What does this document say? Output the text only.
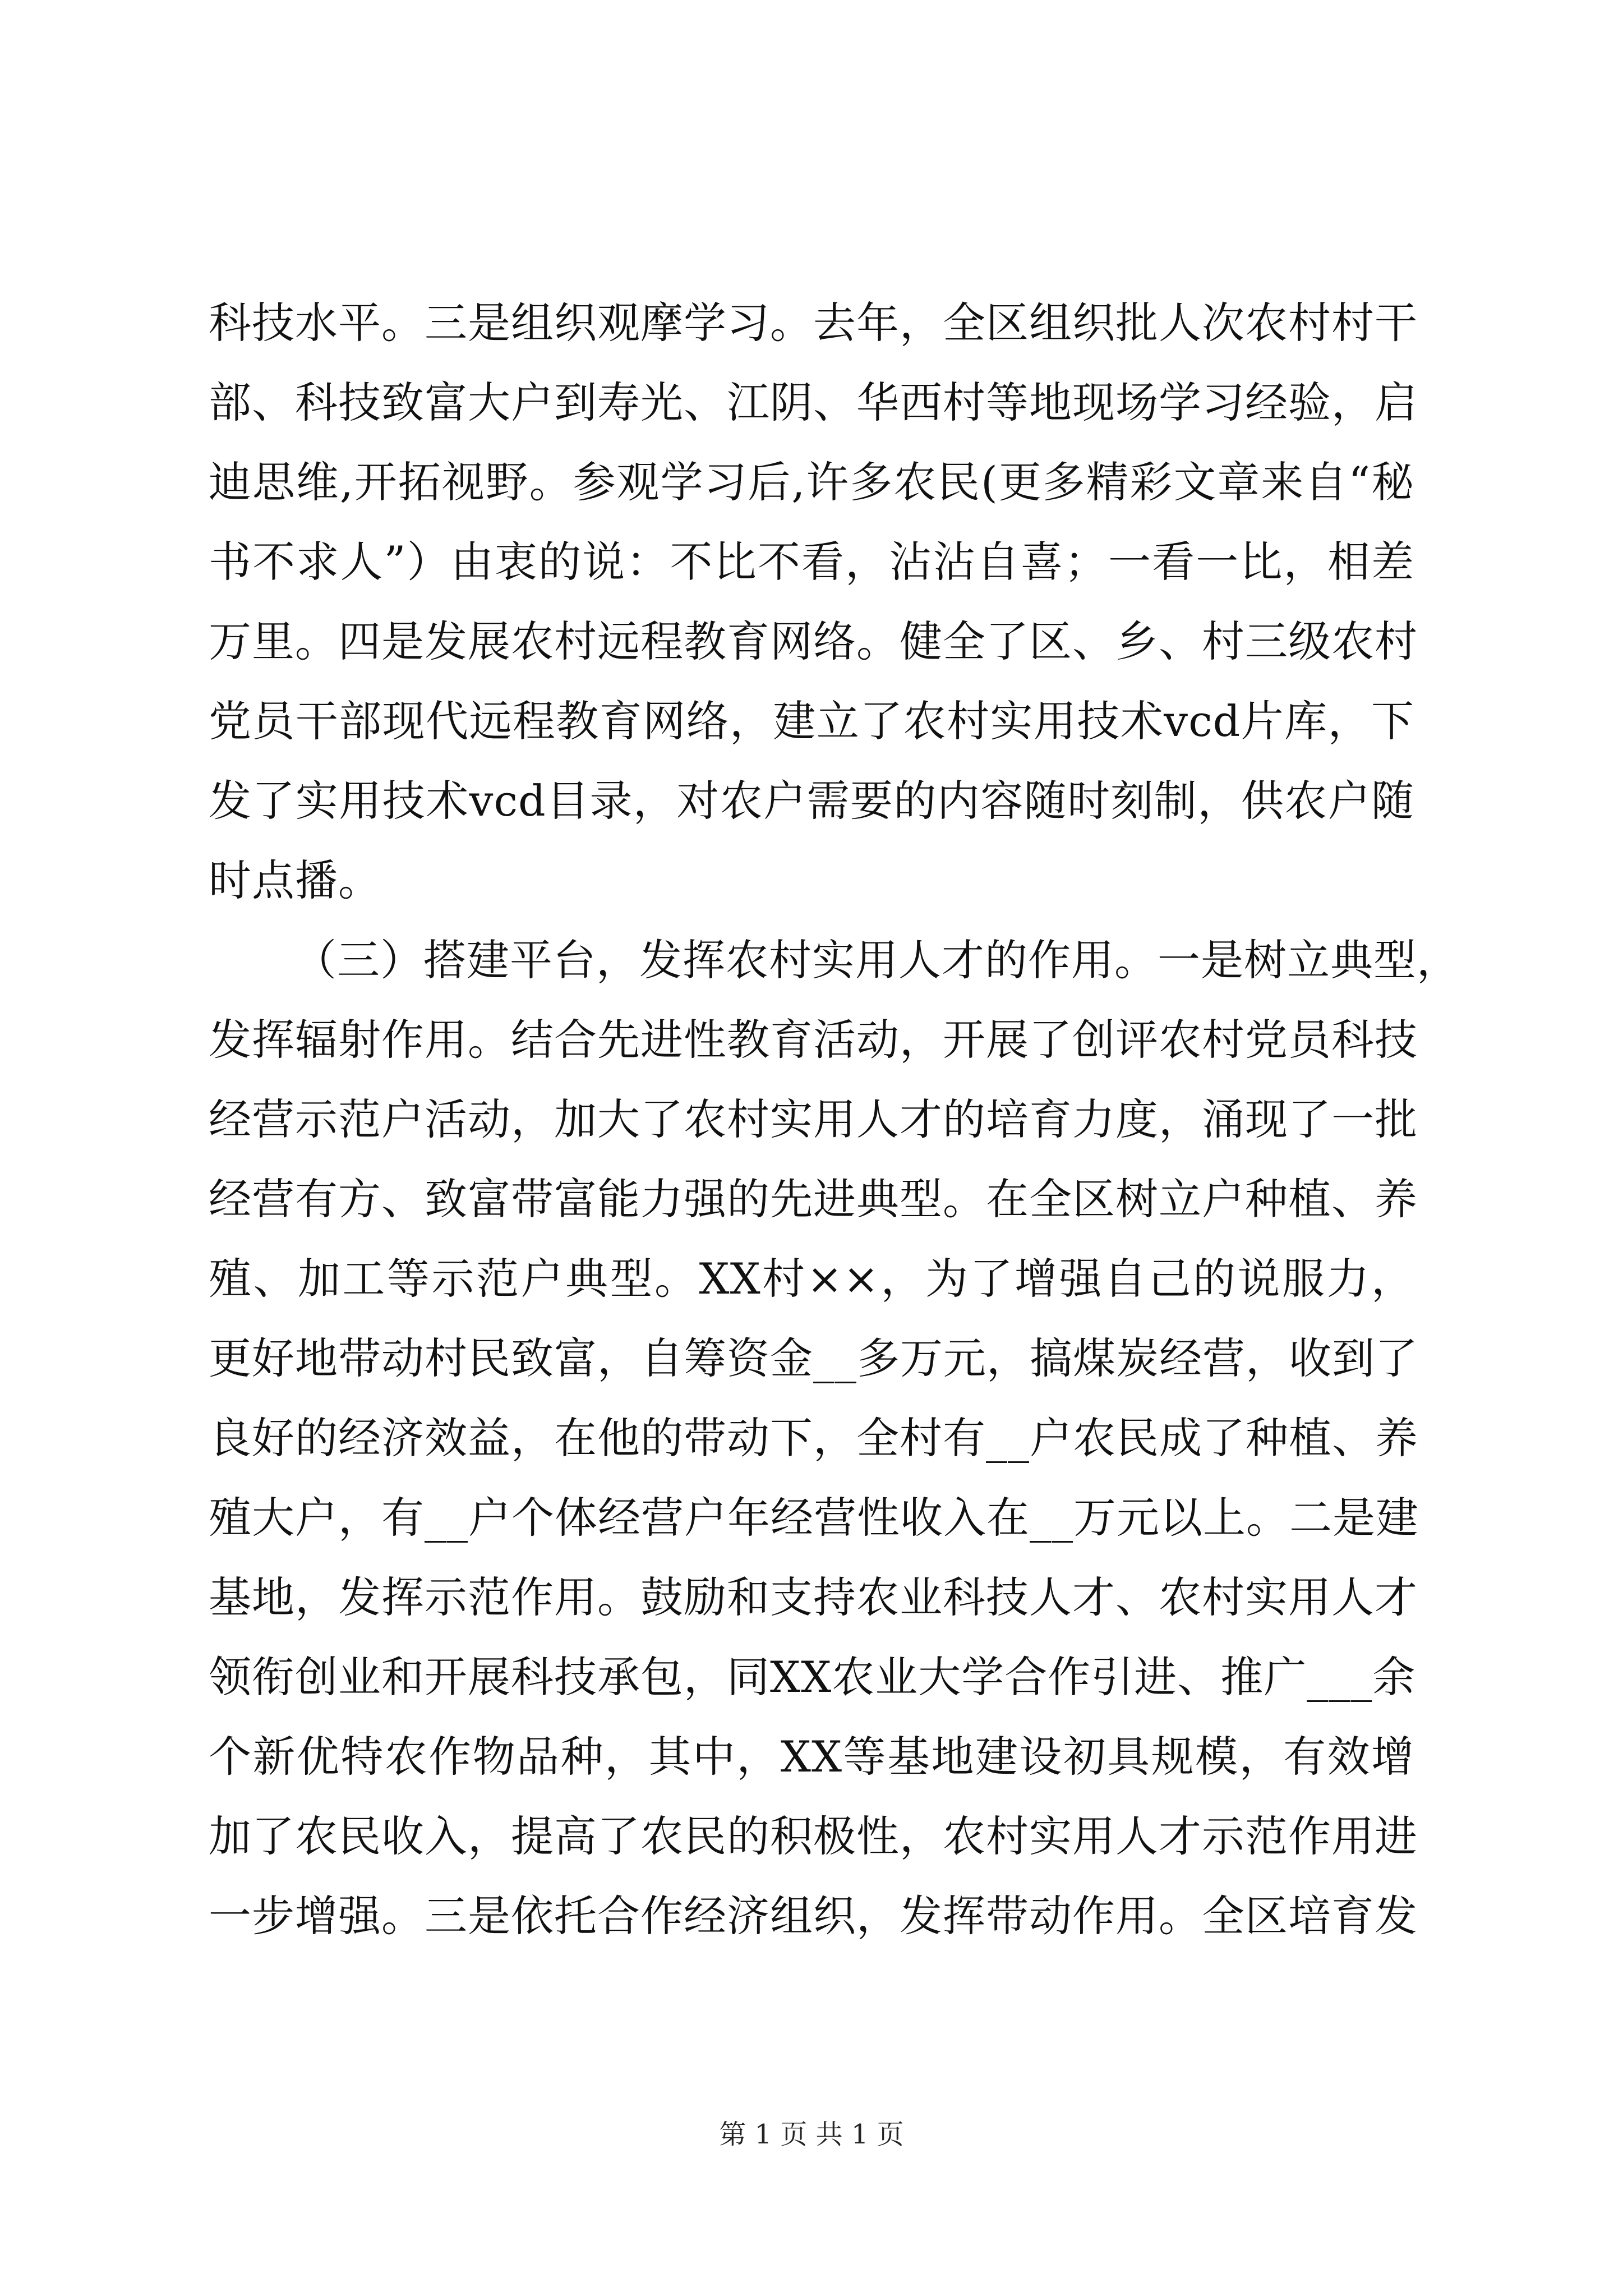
科技水平。三是组织观摩学习。去年，全区组织批人次农村村干
部、科技致富大户到寿光、江阴、华西村等地现场学习经验，启
迪思维,开拓视野。参观学习后,许多农民(更多精彩文章来自“秘
书不求人”）由衷的说：不比不看，沾沾自喜；一看一比，相差
万里。四是发展农村远程教育网络。健全了区、乡、村三级农村
党员干部现代远程教育网络，建立了农村实用技术vcd片库，下
发了实用技术vcd目录，对农户需要的内容随时刻制，供农户随
时点播。
（三）搭建平台，发挥农村实用人才的作用。一是树立典型，
发挥辐射作用。结合先进性教育活动，开展了创评农村党员科技
经营示范户活动，加大了农村实用人才的培育力度，涌现了一批
经营有方、致富带富能力强的先进典型。在全区树立户种植、养
殖、加工等示范户典型。XX村××，为了增强自己的说服力，
更好地带动村民致富，自筹资金__多万元，搞煤炭经营，收到了
良好的经济效益，在他的带动下，全村有__户农民成了种植、养
殖大户，有__户个体经营户年经营性收入在__万元以上。二是建
基地，发挥示范作用。鼓励和支持农业科技人才、农村实用人才
领衔创业和开展科技承包，同XX农业大学合作引进、推广___余
个新优特农作物品种，其中，XX等基地建设初具规模，有效增
加了农民收入，提高了农民的积极性，农村实用人才示范作用进
一步增强。三是依托合作经济组织，发挥带动作用。全区培育发
第 1 页 共 1 页
